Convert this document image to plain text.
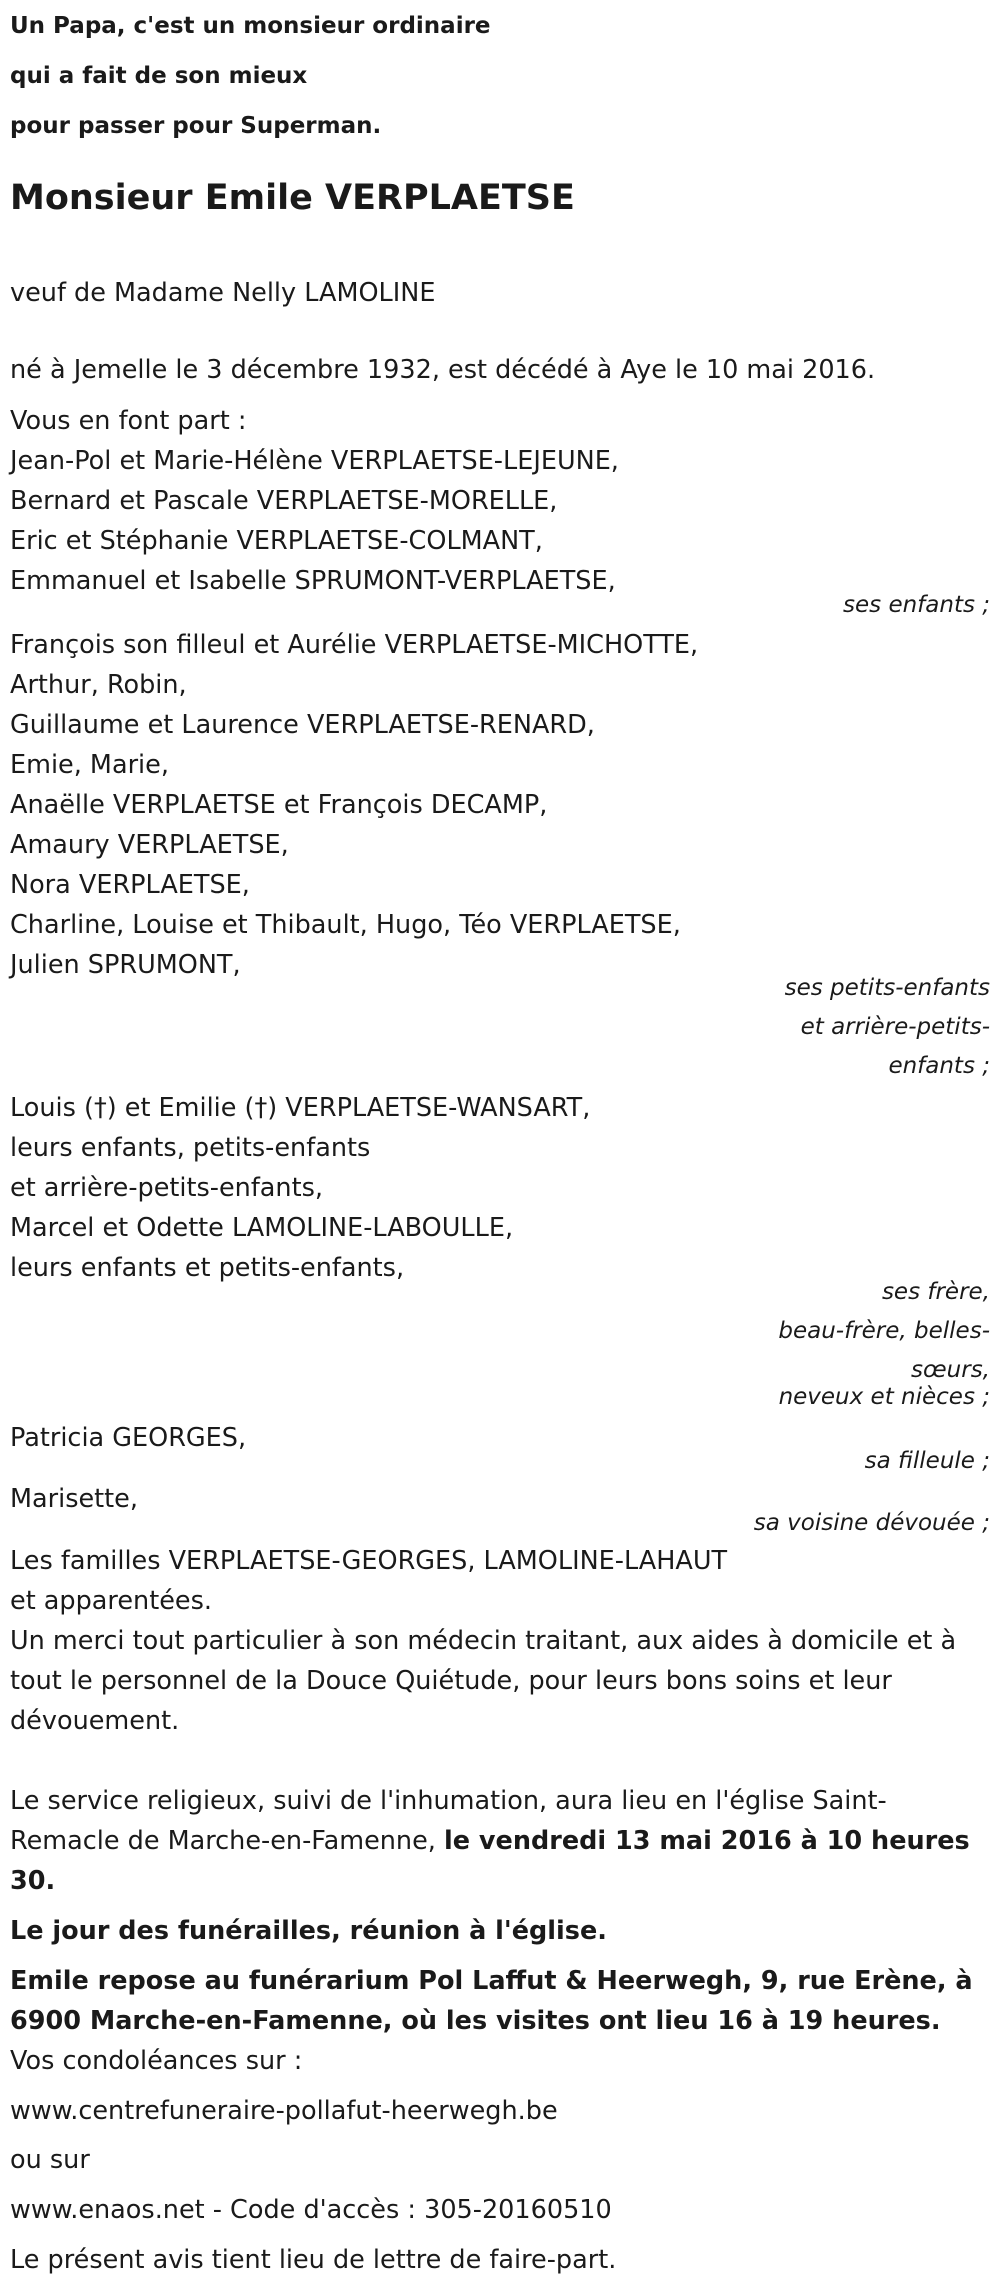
Un Papa, c'est un monsieur ordinaire
qui a fait de son mieux
pour passer pour Superman.
Monsieur Emile VERPLAETSE
veuf de Madame Nelly LAMOLINE
né à Jemelle le 3 décembre 1932, est décédé à Aye le 10 mai 2016.
Vous en font part :
Jean-Pol et Marie-Hélène VERPLAETSE-LEJEUNE,
Bernard et Pascale VERPLAETSE-MORELLE,
Eric et Stéphanie VERPLAETSE-COLMANT,
Emmanuel et Isabelle SPRUMONT-VERPLAETSE,
ses enfants ;
François son filleul et Aurélie VERPLAETSE-MICHOTTE,
Arthur, Robin,
Guillaume et Laurence VERPLAETSE-RENARD,
Emie, Marie,
Anaëlle VERPLAETSE et François DECAMP,
Amaury VERPLAETSE,
Nora VERPLAETSE,
Charline, Louise et Thibault, Hugo, Téo VERPLAETSE,
Julien SPRUMONT,
ses petits-enfants
et arrière-petits-
enfants ;
Louis (†) et Emilie (†) VERPLAETSE-WANSART,
leurs enfants, petits-enfants
et arrière-petits-enfants,
Marcel et Odette LAMOLINE-LABOULLE,
leurs enfants et petits-enfants,
ses frère,
beau-frère, belles-
sœurs,
neveux et nièces ;
Patricia GEORGES,
sa filleule ;
Marisette,
sa voisine dévouée ;
Les familles VERPLAETSE-GEORGES, LAMOLINE-LAHAUT
et apparentées.

Un merci tout particulier à son médecin traitant, aux aides à domicile et à tout le personnel de la Douce Quiétude, pour leurs bons soins et leur dévouement.

Le service religieux, suivi de l'inhumation, aura lieu en l'église Saint-Remacle de Marche-en-Famenne, le vendredi 13 mai 2016 à 10 heures 30.

Le jour des funérailles, réunion à l'église.

Emile repose au funérarium Pol Laffut & Heerwegh, 9, rue Erène, à 6900 Marche-en-Famenne, où les visites ont lieu 16 à 19 heures. Vos condoléances sur :

www.centrefuneraire-pollafut-heerwegh.be
ou sur
www.enaos.net - Code d'accès : 305-20160510
Le présent avis tient lieu de lettre de faire-part.
